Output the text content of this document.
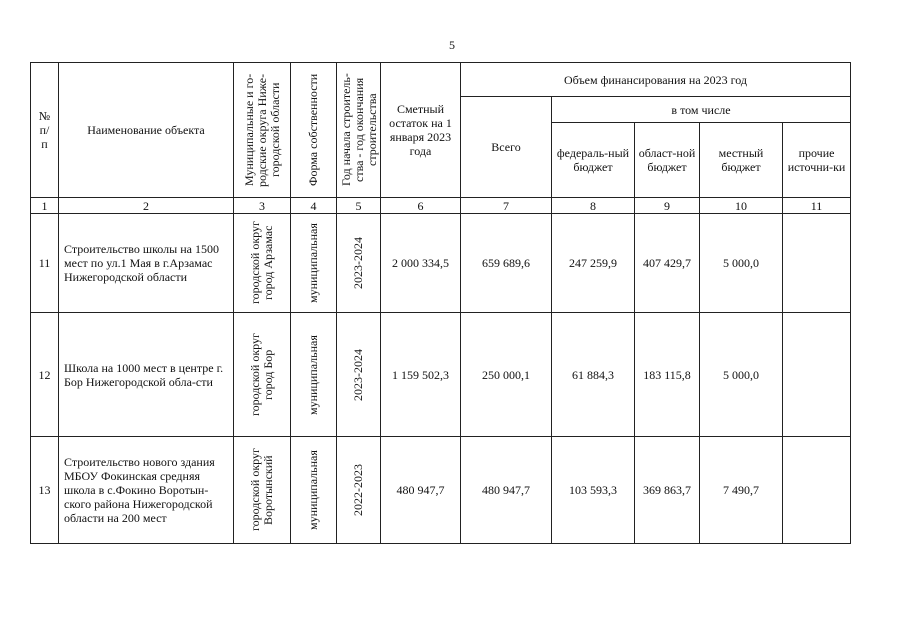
5
№ п/ п	Наименование объекта	Муниципальные и го-родские округа Ниже-городской области	Форма собственности	Год начала строитель-ства - год окончания строительства	Сметный остаток на 1 января 2023 года	Объем финансирования на 2023 год				
						Всего	в том числе			
							федераль-ный бюджет	област-ной бюджет	местный бюджет	прочие источни-ки
1	2	3	4	5	6	7	8	9	10	11
11	Строительство школы на 1500 мест по ул.1 Мая в г.Арзамас Нижегородской области	городской округ город Арзамас	муниципальная	2023-2024	2 000 334,5	659 689,6	247 259,9	407 429,7	5 000,0	
12	Школа на 1000 мест в центре г. Бор Нижегородской обла-сти	городской округ город Бор	муниципальная	2023-2024	1 159 502,3	250 000,1	61 884,3	183 115,8	5 000,0	
13	Строительство нового здания МБОУ Фокинская средняя школа в с.Фокино Воротын-ского района Нижегородской области на 200 мест	городской округ Воротынский	муниципальная	2022-2023	480 947,7	480 947,7	103 593,3	369 863,7	7 490,7	
